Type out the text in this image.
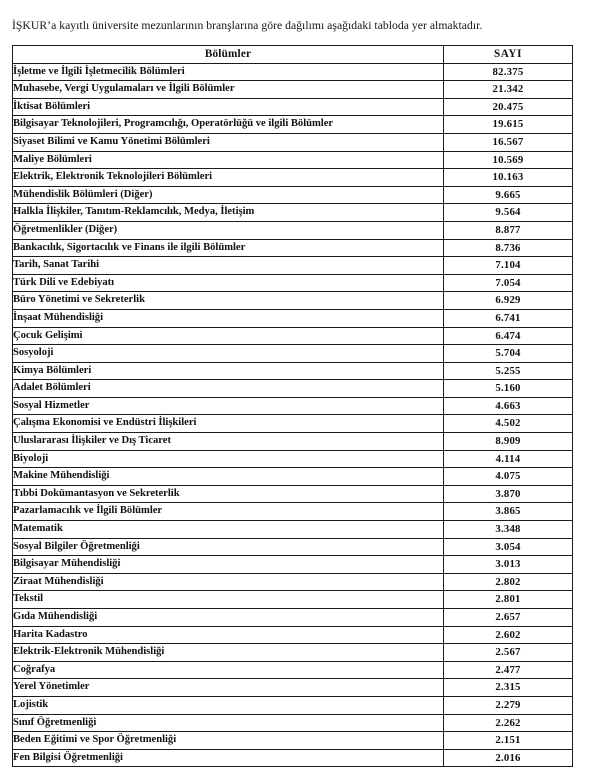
İŞKUR’a kayıtlı üniversite mezunlarının branşlarına göre dağılımı aşağıdaki tabloda yer almaktadır.

Bölümler	SAYI
İşletme ve İlgili İşletmecilik Bölümleri	82.375
Muhasebe, Vergi Uygulamaları ve İlgili Bölümler	21.342
İktisat Bölümleri	20.475
Bilgisayar Teknolojileri, Programcılığı, Operatörlüğü ve ilgili Bölümler	19.615
Siyaset Bilimi ve Kamu Yönetimi Bölümleri	16.567
Maliye Bölümleri	10.569
Elektrik, Elektronik Teknolojileri Bölümleri	10.163
Mühendislik Bölümleri (Diğer)	9.665
Halkla İlişkiler, Tanıtım-Reklamcılık, Medya, İletişim	9.564
Öğretmenlikler (Diğer)	8.877
Bankacılık, Sigortacılık ve Finans ile ilgili Bölümler	8.736
Tarih, Sanat Tarihi	7.104
Türk Dili ve Edebiyatı	7.054
Büro Yönetimi ve Sekreterlik	6.929
İnşaat Mühendisliği	6.741
Çocuk Gelişimi	6.474
Sosyoloji	5.704
Kimya Bölümleri	5.255
Adalet Bölümleri	5.160
Sosyal Hizmetler	4.663
Çalışma Ekonomisi ve Endüstri İlişkileri	4.502
Uluslararası İlişkiler ve Dış Ticaret	8.909
Biyoloji	4.114
Makine Mühendisliği	4.075
Tıbbi Dokümantasyon ve Sekreterlik	3.870
Pazarlamacılık ve İlgili Bölümler	3.865
Matematik	3.348
Sosyal Bilgiler Öğretmenliği	3.054
Bilgisayar Mühendisliği	3.013
Ziraat Mühendisliği	2.802
Tekstil	2.801
Gıda Mühendisliği	2.657
Harita Kadastro	2.602
Elektrik-Elektronik Mühendisliği	2.567
Coğrafya	2.477
Yerel Yönetimler	2.315
Lojistik	2.279
Sınıf Öğretmenliği	2.262
Beden Eğitimi ve Spor Öğretmenliği	2.151
Fen Bilgisi Öğretmenliği	2.016
